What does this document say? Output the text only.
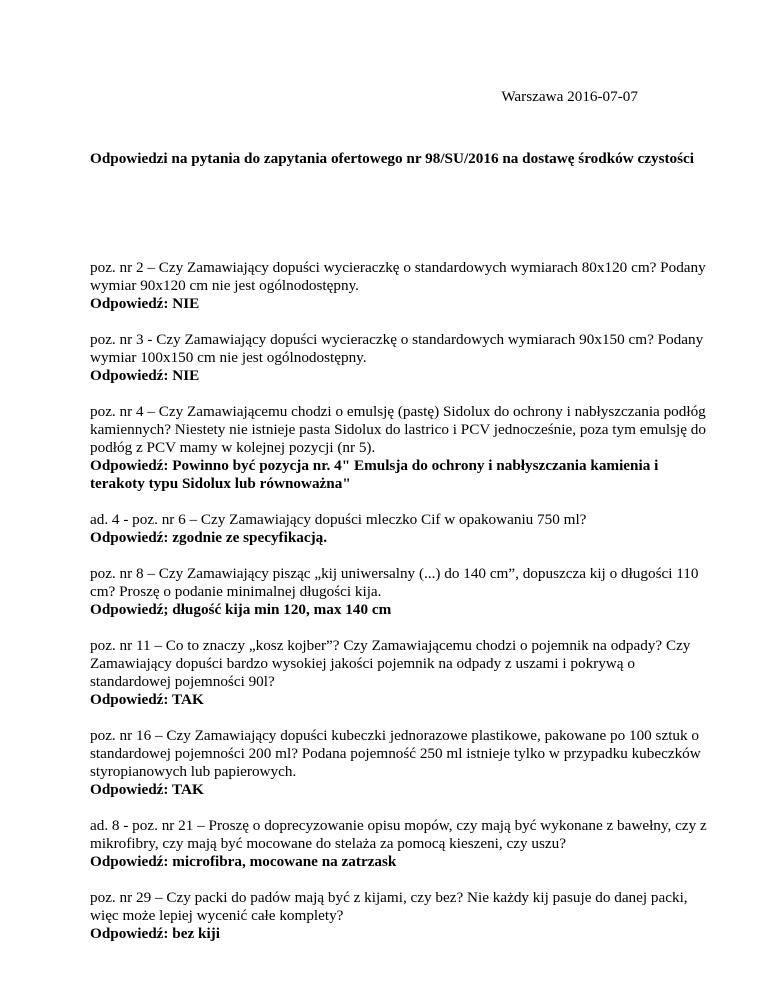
Warszawa 2016-07-07
Odpowiedzi na pytania do zapytania ofertowego nr 98/SU/2016 na dostawę środków czystości

poz. nr 2 – Czy Zamawiający dopuści wycieraczkę o standardowych wymiarach 80x120 cm? Podany wymiar 90x120 cm nie jest ogólnodostępny.

Odpowiedź: NIE

poz. nr 3 - Czy Zamawiający dopuści wycieraczkę o standardowych wymiarach 90x150 cm? Podany wymiar 100x150 cm nie jest ogólnodostępny.

Odpowiedź: NIE

poz. nr 4 – Czy Zamawiającemu chodzi o emulsję (pastę) Sidolux do ochrony i nabłyszczania podłóg kamiennych? Niestety nie istnieje pasta Sidolux do lastrico i PCV jednocześnie, poza tym emulsję do podłóg z PCV mamy w kolejnej pozycji (nr 5).

Odpowiedź: Powinno być pozycja nr. 4" Emulsja do ochrony i nabłyszczania kamienia i terakoty typu Sidolux lub równoważna"

ad. 4 - poz. nr 6 – Czy Zamawiający dopuści mleczko Cif w opakowaniu 750 ml?

Odpowiedź: zgodnie ze specyfikacją.

poz. nr 8 – Czy Zamawiający pisząc „kij uniwersalny (...) do 140 cm”, dopuszcza kij o długości 110 cm? Proszę o podanie minimalnej długości kija.

Odpowiedź; długość kija min 120, max 140 cm

poz. nr 11 – Co to znaczy „kosz kojber”? Czy Zamawiającemu chodzi o pojemnik na odpady? Czy Zamawiający dopuści bardzo wysokiej jakości pojemnik na odpady z uszami i pokrywą o standardowej pojemności 90l?

Odpowiedź: TAK

poz. nr 16 – Czy Zamawiający dopuści kubeczki jednorazowe plastikowe, pakowane po 100 sztuk o standardowej pojemności 200 ml? Podana pojemność 250 ml istnieje tylko w przypadku kubeczków styropianowych lub papierowych.

Odpowiedź: TAK

ad. 8 - poz. nr 21 – Proszę o doprecyzowanie opisu mopów, czy mają być wykonane z bawełny, czy z mikrofibry, czy mają być mocowane do stelaża za pomocą kieszeni, czy uszu?

Odpowiedź: microfibra, mocowane na zatrzask

poz. nr 29 – Czy packi do padów mają być z kijami, czy bez? Nie każdy kij pasuje do danej packi, więc może lepiej wycenić całe komplety?

Odpowiedź: bez kiji
